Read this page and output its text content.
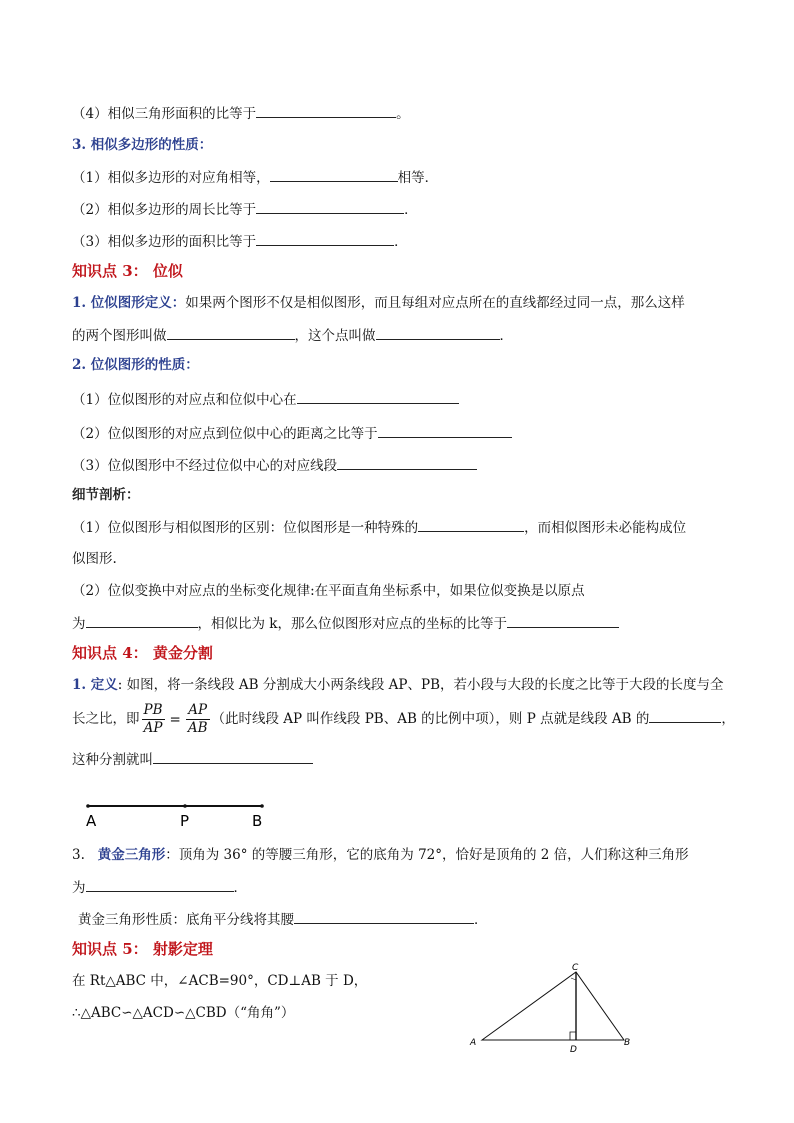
（4）相似三角形面积的比等于	。
3. 相似多边形的性质：
（1）相似多边形的对应角相等，	相等．
（2）相似多边形的周长比等于	．
（3）相似多边形的面积比等于	．
知识点 3： 位似
1. 位似图形定义：如果两个图形不仅是相似图形，而且每组对应点所在的直线都经过同一点，那么这样
的两个图形叫做	，这个点叫做	．
2. 位似图形的性质：
（1）位似图形的对应点和位似中心在
（2）位似图形的对应点到位似中心的距离之比等于
（3）位似图形中不经过位似中心的对应线段
细节剖析：
（1）位似图形与相似图形的区别：位似图形是一种特殊的	，而相似图形未必能构成位
似图形.
（2）位似变换中对应点的坐标变化规律:在平面直角坐标系中，如果位似变换是以原点
为	，相似比为 k，那么位似图形对应点的坐标的比等于
知识点 4： 黄金分割
1. 定义: 如图，将一条线段 AB 分割成大小两条线段 AP、PB，若小段与大段的长度之比等于大段的长度与全
长之比，即 $\frac{PB}{AP} = \frac{AP}{AB}$ （此时线段 AP 叫作线段 PB、AB 的比例中项），则 P 点就是线段 AB 的	，
这种分割就叫
A	P	B
3. 黄金三角形：顶角为 36° 的等腰三角形，它的底角为 72°，恰好是顶角的 2 倍，人们称这种三角形
为	．
黄金三角形性质：底角平分线将其腰	．
知识点 5： 射影定理
在 Rt△ABC 中，∠ACB=90°，CD⊥AB 于 D，
∴△ABC∽△ACD∽△CBD（“角角”）
A	B
C
D
